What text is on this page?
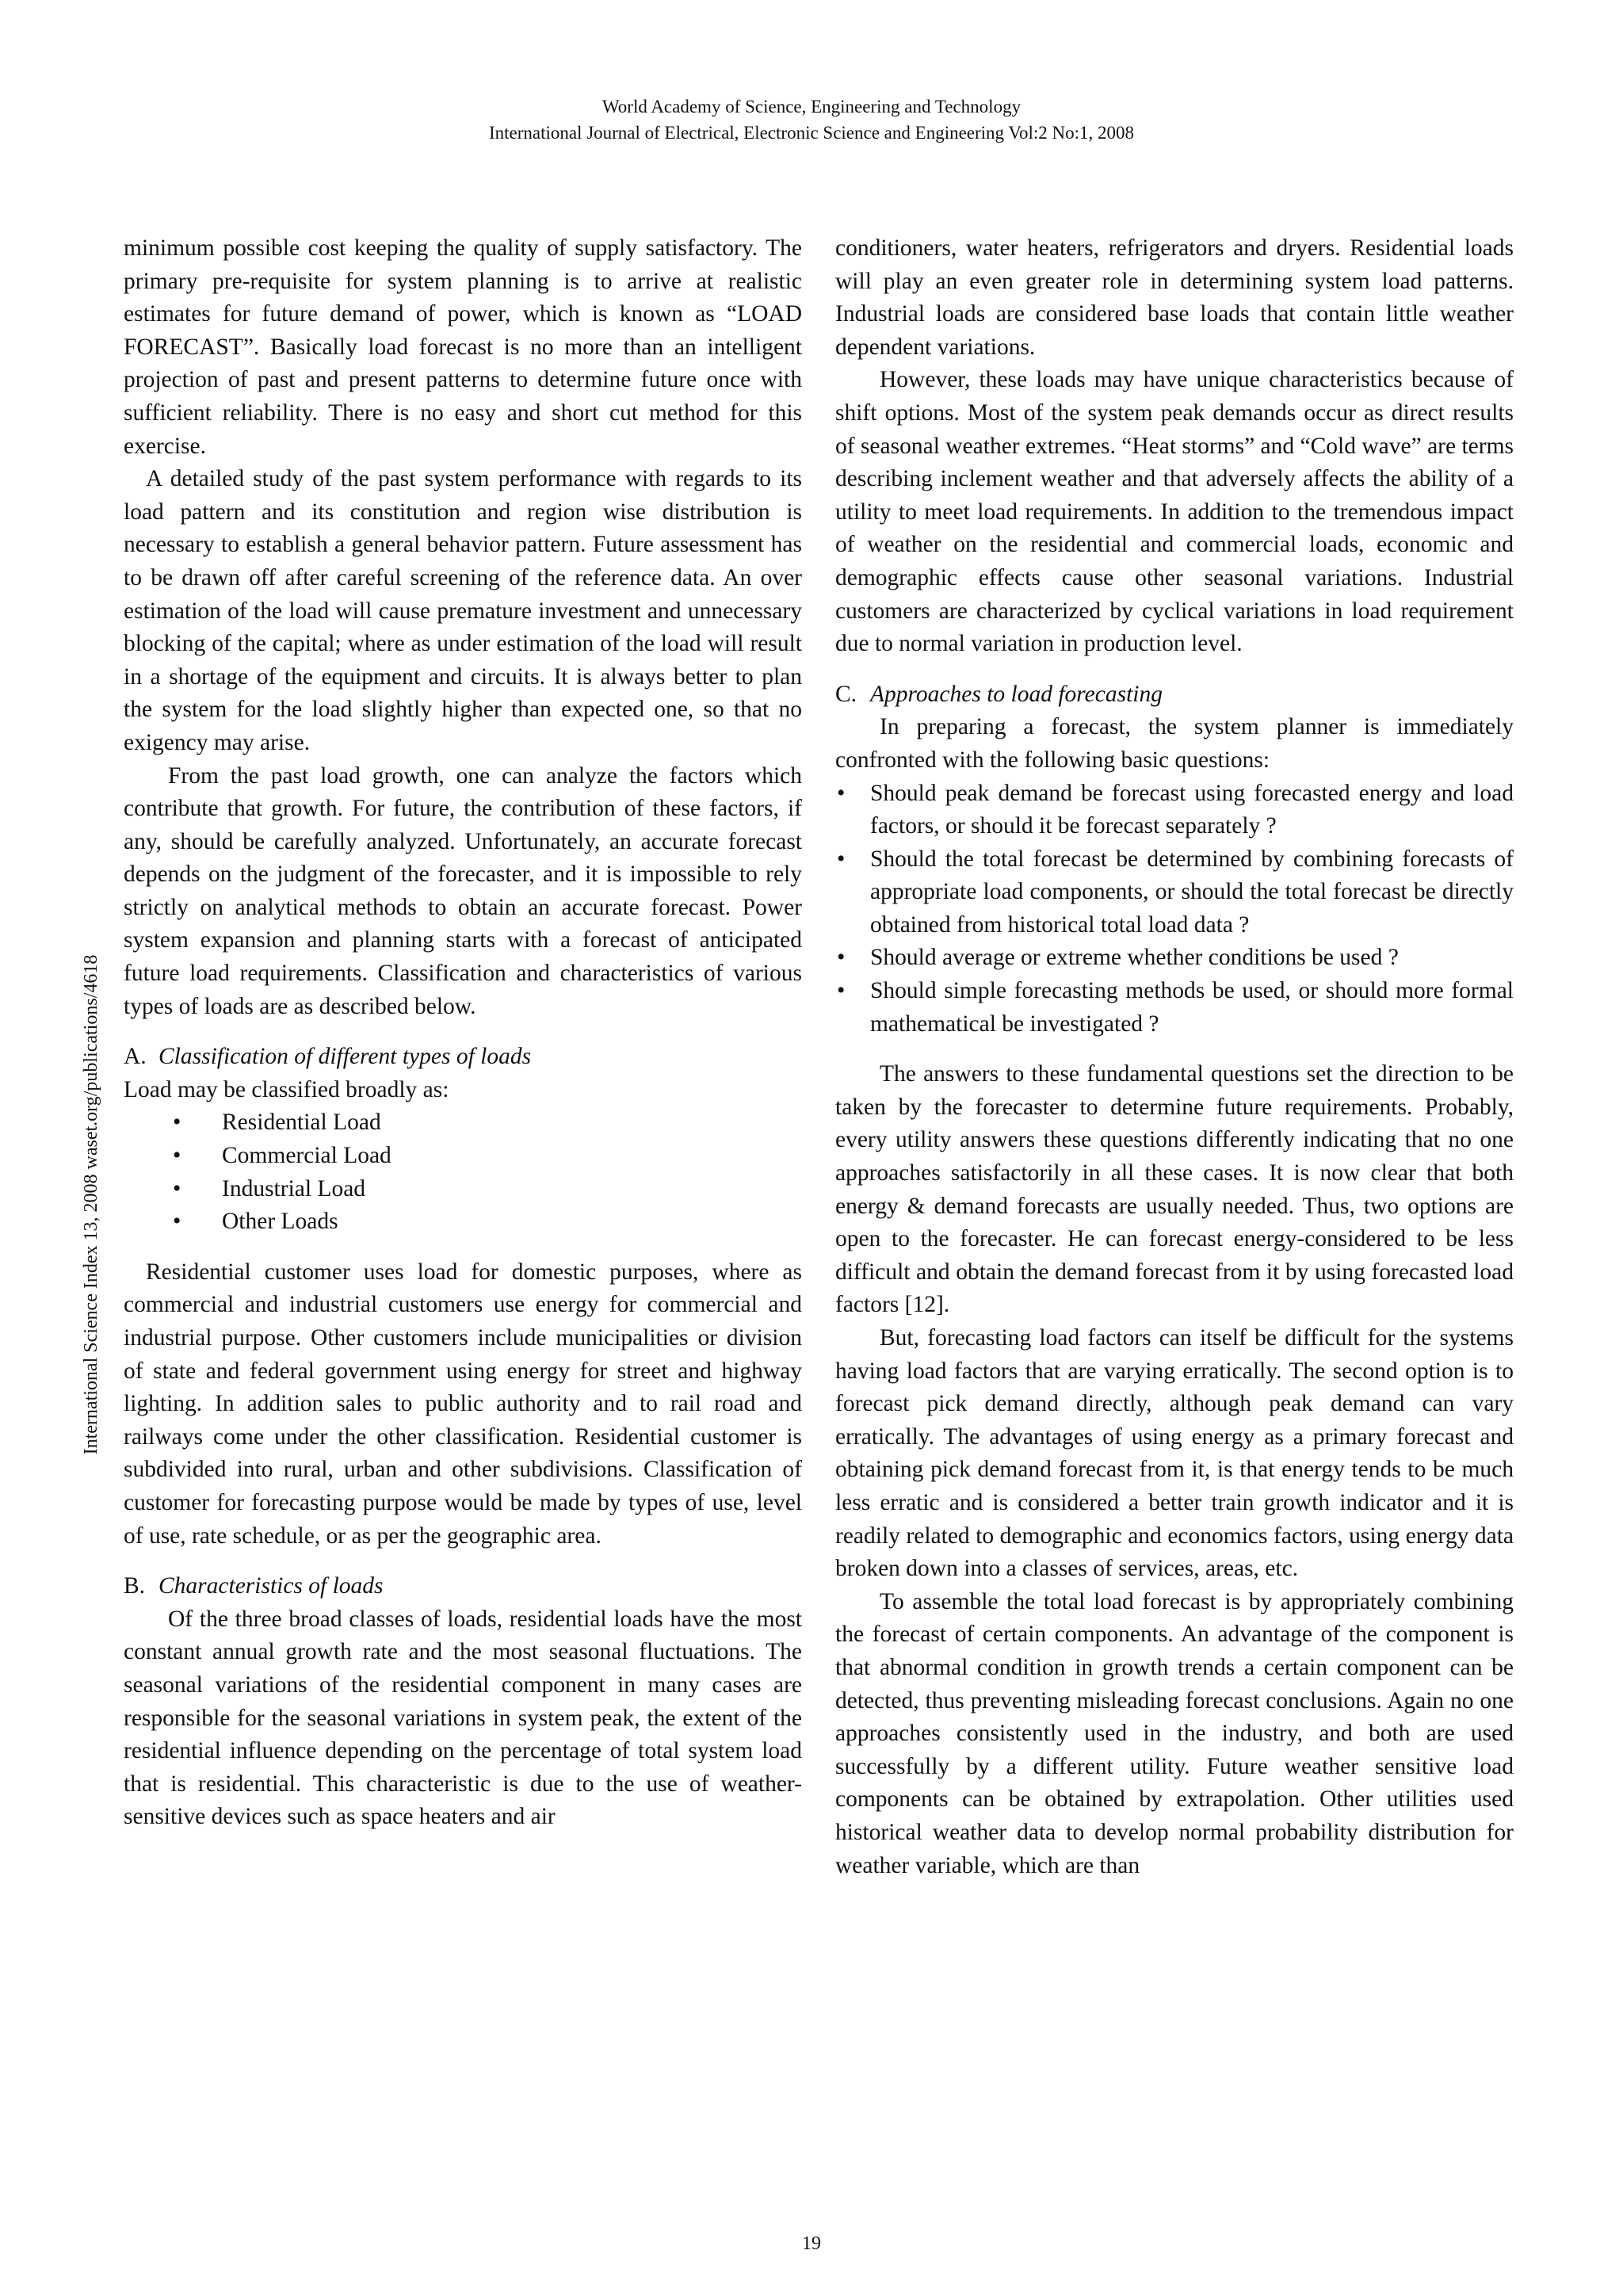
World Academy of Science, Engineering and Technology
International Journal of Electrical, Electronic Science and Engineering Vol:2 No:1, 2008
International Science Index 13, 2008 waset.org/publications/4618

minimum possible cost keeping the quality of supply satisfactory. The primary pre-requisite for system planning is to arrive at realistic estimates for future demand of power, which is known as “LOAD FORECAST”. Basically load forecast is no more than an intelligent projection of past and present patterns to determine future once with sufficient reliability. There is no easy and short cut method for this exercise.

A detailed study of the past system performance with regards to its load pattern and its constitution and region wise distribution is necessary to establish a general behavior pattern. Future assessment has to be drawn off after careful screening of the reference data. An over estimation of the load will cause premature investment and unnecessary blocking of the capital; where as under estimation of the load will result in a shortage of the equipment and circuits. It is always better to plan the system for the load slightly higher than expected one, so that no exigency may arise.

From the past load growth, one can analyze the factors which contribute that growth. For future, the contribution of these factors, if any, should be carefully analyzed. Unfortunately, an accurate forecast depends on the judgment of the forecaster, and it is impossible to rely strictly on analytical methods to obtain an accurate forecast. Power system expansion and planning starts with a forecast of anticipated future load requirements. Classification and characteristics of various types of loads are as described below.

A. Classification of different types of loads

Load may be classified broadly as:

• Residential Load
• Commercial Load
• Industrial Load
• Other Loads

Residential customer uses load for domestic purposes, where as commercial and industrial customers use energy for commercial and industrial purpose. Other customers include municipalities or division of state and federal government using energy for street and highway lighting. In addition sales to public authority and to rail road and railways come under the other classification. Residential customer is subdivided into rural, urban and other subdivisions. Classification of customer for forecasting purpose would be made by types of use, level of use, rate schedule, or as per the geographic area.

B. Characteristics of loads

Of the three broad classes of loads, residential loads have the most constant annual growth rate and the most seasonal fluctuations. The seasonal variations of the residential component in many cases are responsible for the seasonal variations in system peak, the extent of the residential influence depending on the percentage of total system load that is residential. This characteristic is due to the use of weather-sensitive devices such as space heaters and air

conditioners, water heaters, refrigerators and dryers. Residential loads will play an even greater role in determining system load patterns. Industrial loads are considered base loads that contain little weather dependent variations.

However, these loads may have unique characteristics because of shift options. Most of the system peak demands occur as direct results of seasonal weather extremes. “Heat storms” and “Cold wave” are terms describing inclement weather and that adversely affects the ability of a utility to meet load requirements. In addition to the tremendous impact of weather on the residential and commercial loads, economic and demographic effects cause other seasonal variations. Industrial customers are characterized by cyclical variations in load requirement due to normal variation in production level.

C. Approaches to load forecasting

In preparing a forecast, the system planner is immediately confronted with the following basic questions:

• Should peak demand be forecast using forecasted energy and load factors, or should it be forecast separately ?
• Should the total forecast be determined by combining forecasts of appropriate load components, or should the total forecast be directly obtained from historical total load data ?
• Should average or extreme whether conditions be used ?
• Should simple forecasting methods be used, or should more formal mathematical be investigated ?

The answers to these fundamental questions set the direction to be taken by the forecaster to determine future requirements. Probably, every utility answers these questions differently indicating that no one approaches satisfactorily in all these cases. It is now clear that both energy & demand forecasts are usually needed. Thus, two options are open to the forecaster. He can forecast energy-considered to be less difficult and obtain the demand forecast from it by using forecasted load factors [12].

But, forecasting load factors can itself be difficult for the systems having load factors that are varying erratically. The second option is to forecast pick demand directly, although peak demand can vary erratically. The advantages of using energy as a primary forecast and obtaining pick demand forecast from it, is that energy tends to be much less erratic and is considered a better train growth indicator and it is readily related to demographic and economics factors, using energy data broken down into a classes of services, areas, etc.

To assemble the total load forecast is by appropriately combining the forecast of certain components. An advantage of the component is that abnormal condition in growth trends a certain component can be detected, thus preventing misleading forecast conclusions. Again no one approaches consistently used in the industry, and both are used successfully by a different utility. Future weather sensitive load components can be obtained by extrapolation. Other utilities used historical weather data to develop normal probability distribution for weather variable, which are than

19
